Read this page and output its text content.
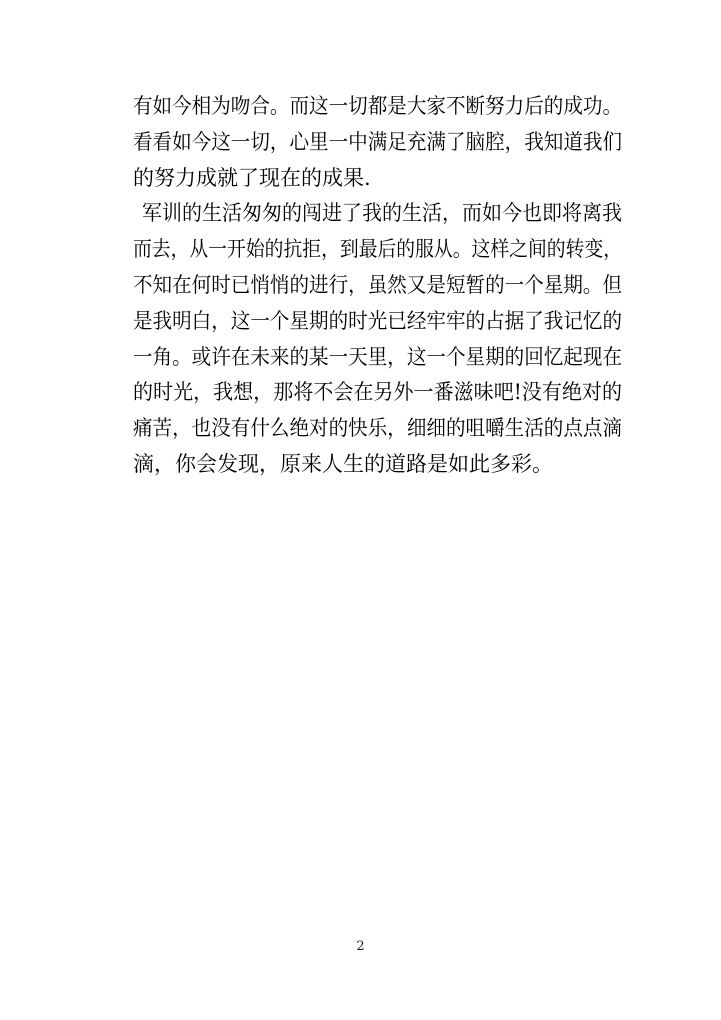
有如今相为吻合。而这一切都是大家不断努力后的成功。
看看如今这一切，心里一中满足充满了脑腔，我知道我们
的努力成就了现在的成果.
军训的生活匆匆的闯进了我的生活，而如今也即将离我
而去，从一开始的抗拒，到最后的服从。这样之间的转变，
不知在何时已悄悄的进行，虽然又是短暂的一个星期。但
是我明白，这一个星期的时光已经牢牢的占据了我记忆的
一角。或许在未来的某一天里，这一个星期的回忆起现在
的时光，我想，那将不会在另外一番滋味吧!没有绝对的
痛苦，也没有什么绝对的快乐，细细的咀嚼生活的点点滴
滴，你会发现，原来人生的道路是如此多彩。
2
